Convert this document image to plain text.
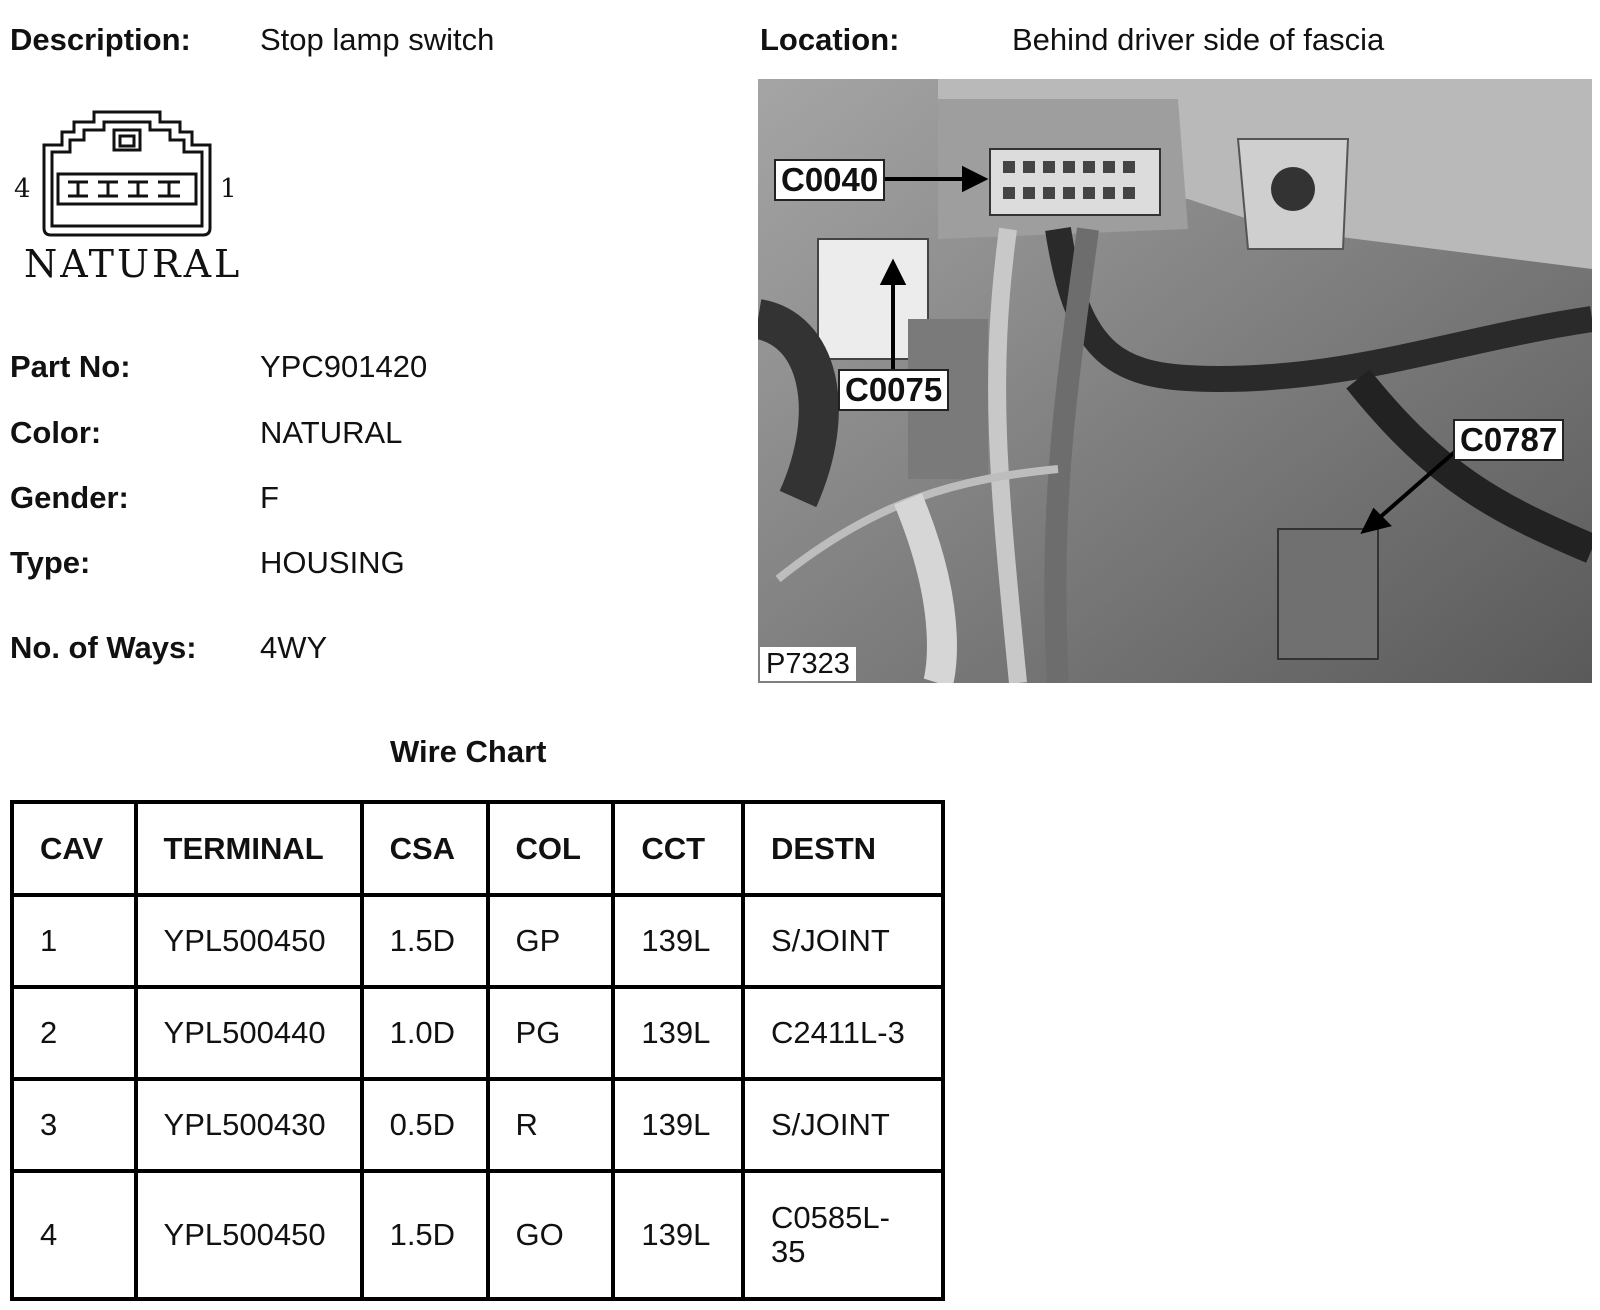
Description: Stop lamp switch	Location:	Behind driver side of fascia
4	1
NATURAL
Part No:	YPC901420
Color:	NATURAL
Gender:	F
Type:	HOUSING
No. of Ways: 4WY
C0040
C0075
C0787
P7323
Wire Chart
CAV	TERMINAL	CSA	COL	CCT	DESTN
1	YPL500450	1.5D	GP	139L	S/JOINT
2	YPL500440	1.0D	PG	139L	C2411L-3
3	YPL500430	0.5D	R	139L	S/JOINT
4	YPL500450	1.5D	GO	139L	C0585L-35
